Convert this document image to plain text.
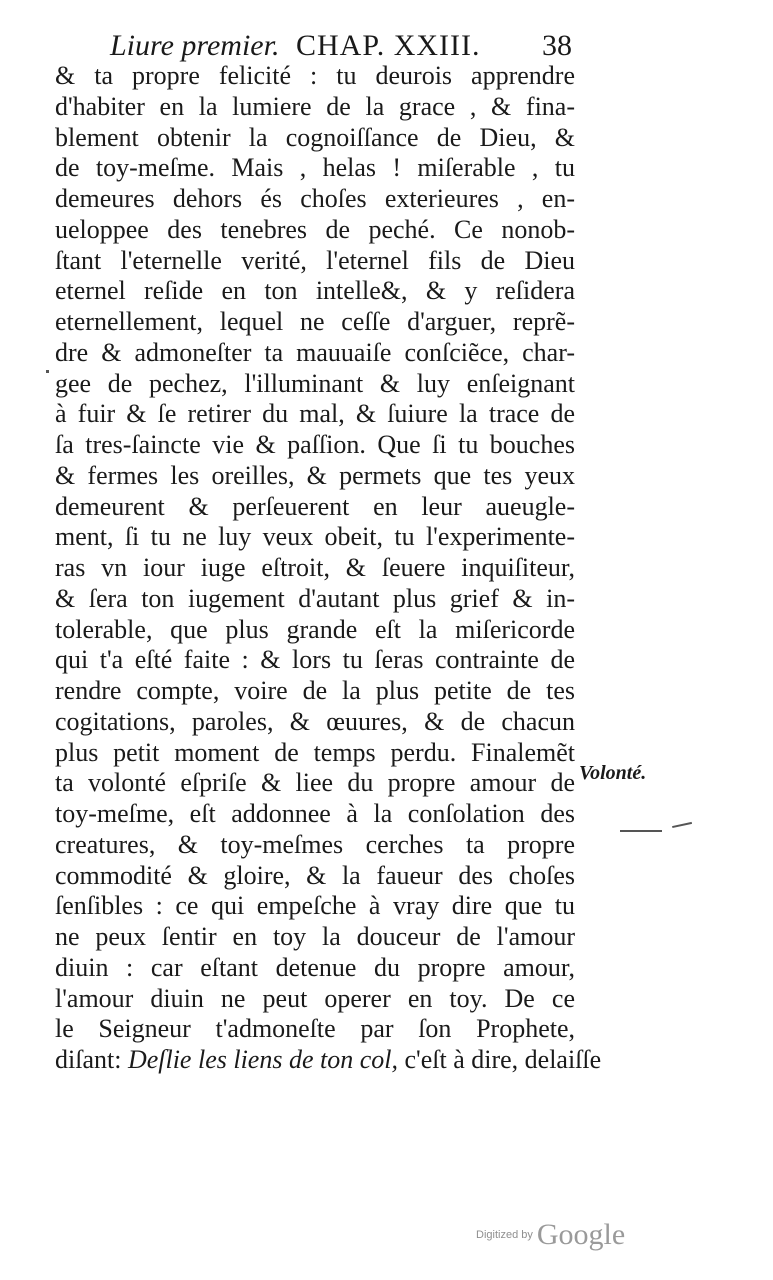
Liure premier. CHAP. XXIII. 38
& ta propre felicité : tu deurois apprendre
d'habiter en la lumiere de la grace , & fina-
blement obtenir la cognoiſſance de Dieu, &
de toy-meſme. Mais , helas ! miſerable , tu
demeures dehors és choſes exterieures , en-
ueloppee des tenebres de peché. Ce nonob-
ſtant l'eternelle verité, l'eternel fils de Dieu
eternel reſide en ton intelle&, & y reſidera
eternellement, lequel ne ceſſe d'arguer, reprẽ-
dre & admoneſter ta mauuaiſe conſciẽce, char-
gee de pechez, l'illuminant & luy enſeignant
à fuir & ſe retirer du mal, & ſuiure la trace de
ſa tres-ſaincte vie & paſſion. Que ſi tu bouches
& fermes les oreilles, & permets que tes yeux
demeurent & perſeuerent en leur aueugle-
ment, ſi tu ne luy veux obeit, tu l'experimente-
ras vn iour iuge eſtroit, & ſeuere inquiſiteur,
& ſera ton iugement d'autant plus grief & in-
tolerable, que plus grande eſt la miſericorde
qui t'a eſté faite : & lors tu ſeras contrainte de
rendre compte, voire de la plus petite de tes
cogitations, paroles, & œuures, & de chacun
plus petit moment de temps perdu. Finalemẽt
ta volonté eſpriſe & liee du propre amour de
toy-meſme, eſt addonnee à la conſolation des
creatures, & toy-meſmes cerches ta propre
commodité & gloire, & la faueur des choſes
ſenſibles : ce qui empeſche à vray dire que tu
ne peux ſentir en toy la douceur de l'amour
diuin : car eſtant detenue du propre amour,
l'amour diuin ne peut operer en toy. De ce
le Seigneur t'admoneſte par ſon Prophete,
diſant: Deſlie les liens de ton col, c'eſt à dire, delaiſſe
Volonté.
Digitized by Google
